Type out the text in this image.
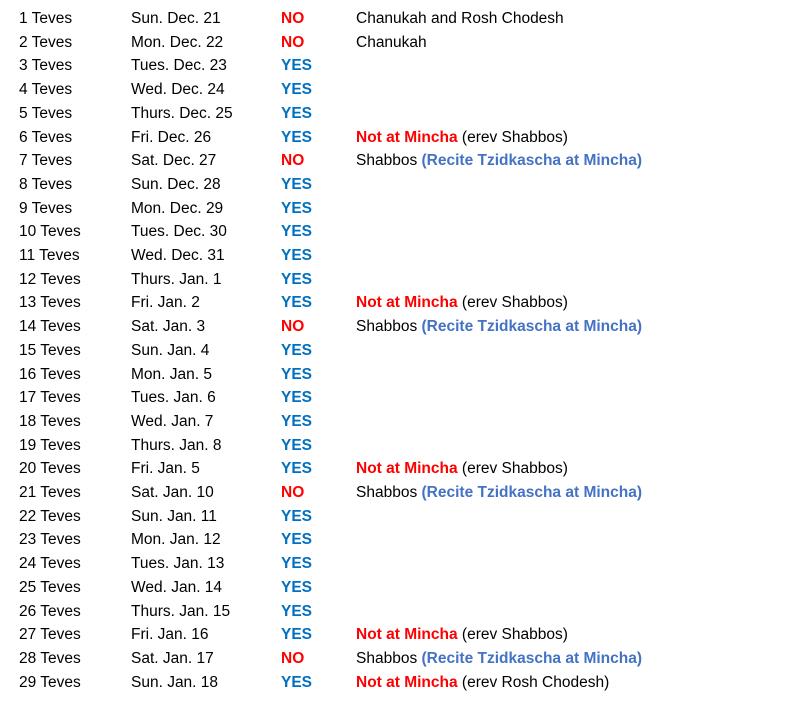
1 Teves	Sun. Dec. 21	NO	Chanukah and Rosh Chodesh
2 Teves	Mon. Dec. 22	NO	Chanukah
3 Teves	Tues. Dec. 23	YES
4 Teves	Wed. Dec. 24	YES
5 Teves	Thurs. Dec. 25	YES
6 Teves	Fri. Dec. 26	YES	Not at Mincha (erev Shabbos)
7 Teves	Sat. Dec. 27	NO	Shabbos (Recite Tzidkascha at Mincha)
8 Teves	Sun. Dec. 28	YES
9 Teves	Mon. Dec. 29	YES
10 Teves	Tues. Dec. 30	YES
11 Teves	Wed. Dec. 31	YES
12 Teves	Thurs. Jan. 1	YES
13 Teves	Fri. Jan. 2	YES	Not at Mincha (erev Shabbos)
14 Teves	Sat. Jan. 3	NO	Shabbos (Recite Tzidkascha at Mincha)
15 Teves	Sun. Jan. 4	YES
16 Teves	Mon. Jan. 5	YES
17 Teves	Tues. Jan. 6	YES
18 Teves	Wed. Jan. 7	YES
19 Teves	Thurs. Jan. 8	YES
20 Teves	Fri. Jan. 5	YES	Not at Mincha (erev Shabbos)
21 Teves	Sat. Jan. 10	NO	Shabbos (Recite Tzidkascha at Mincha)
22 Teves	Sun. Jan. 11	YES
23 Teves	Mon. Jan. 12	YES
24 Teves	Tues. Jan. 13	YES
25 Teves	Wed. Jan. 14	YES
26 Teves	Thurs. Jan. 15	YES
27 Teves	Fri. Jan. 16	YES	Not at Mincha (erev Shabbos)
28 Teves	Sat. Jan. 17	NO	Shabbos (Recite Tzidkascha at Mincha)
29 Teves	Sun. Jan. 18	YES	Not at Mincha (erev Rosh Chodesh)
